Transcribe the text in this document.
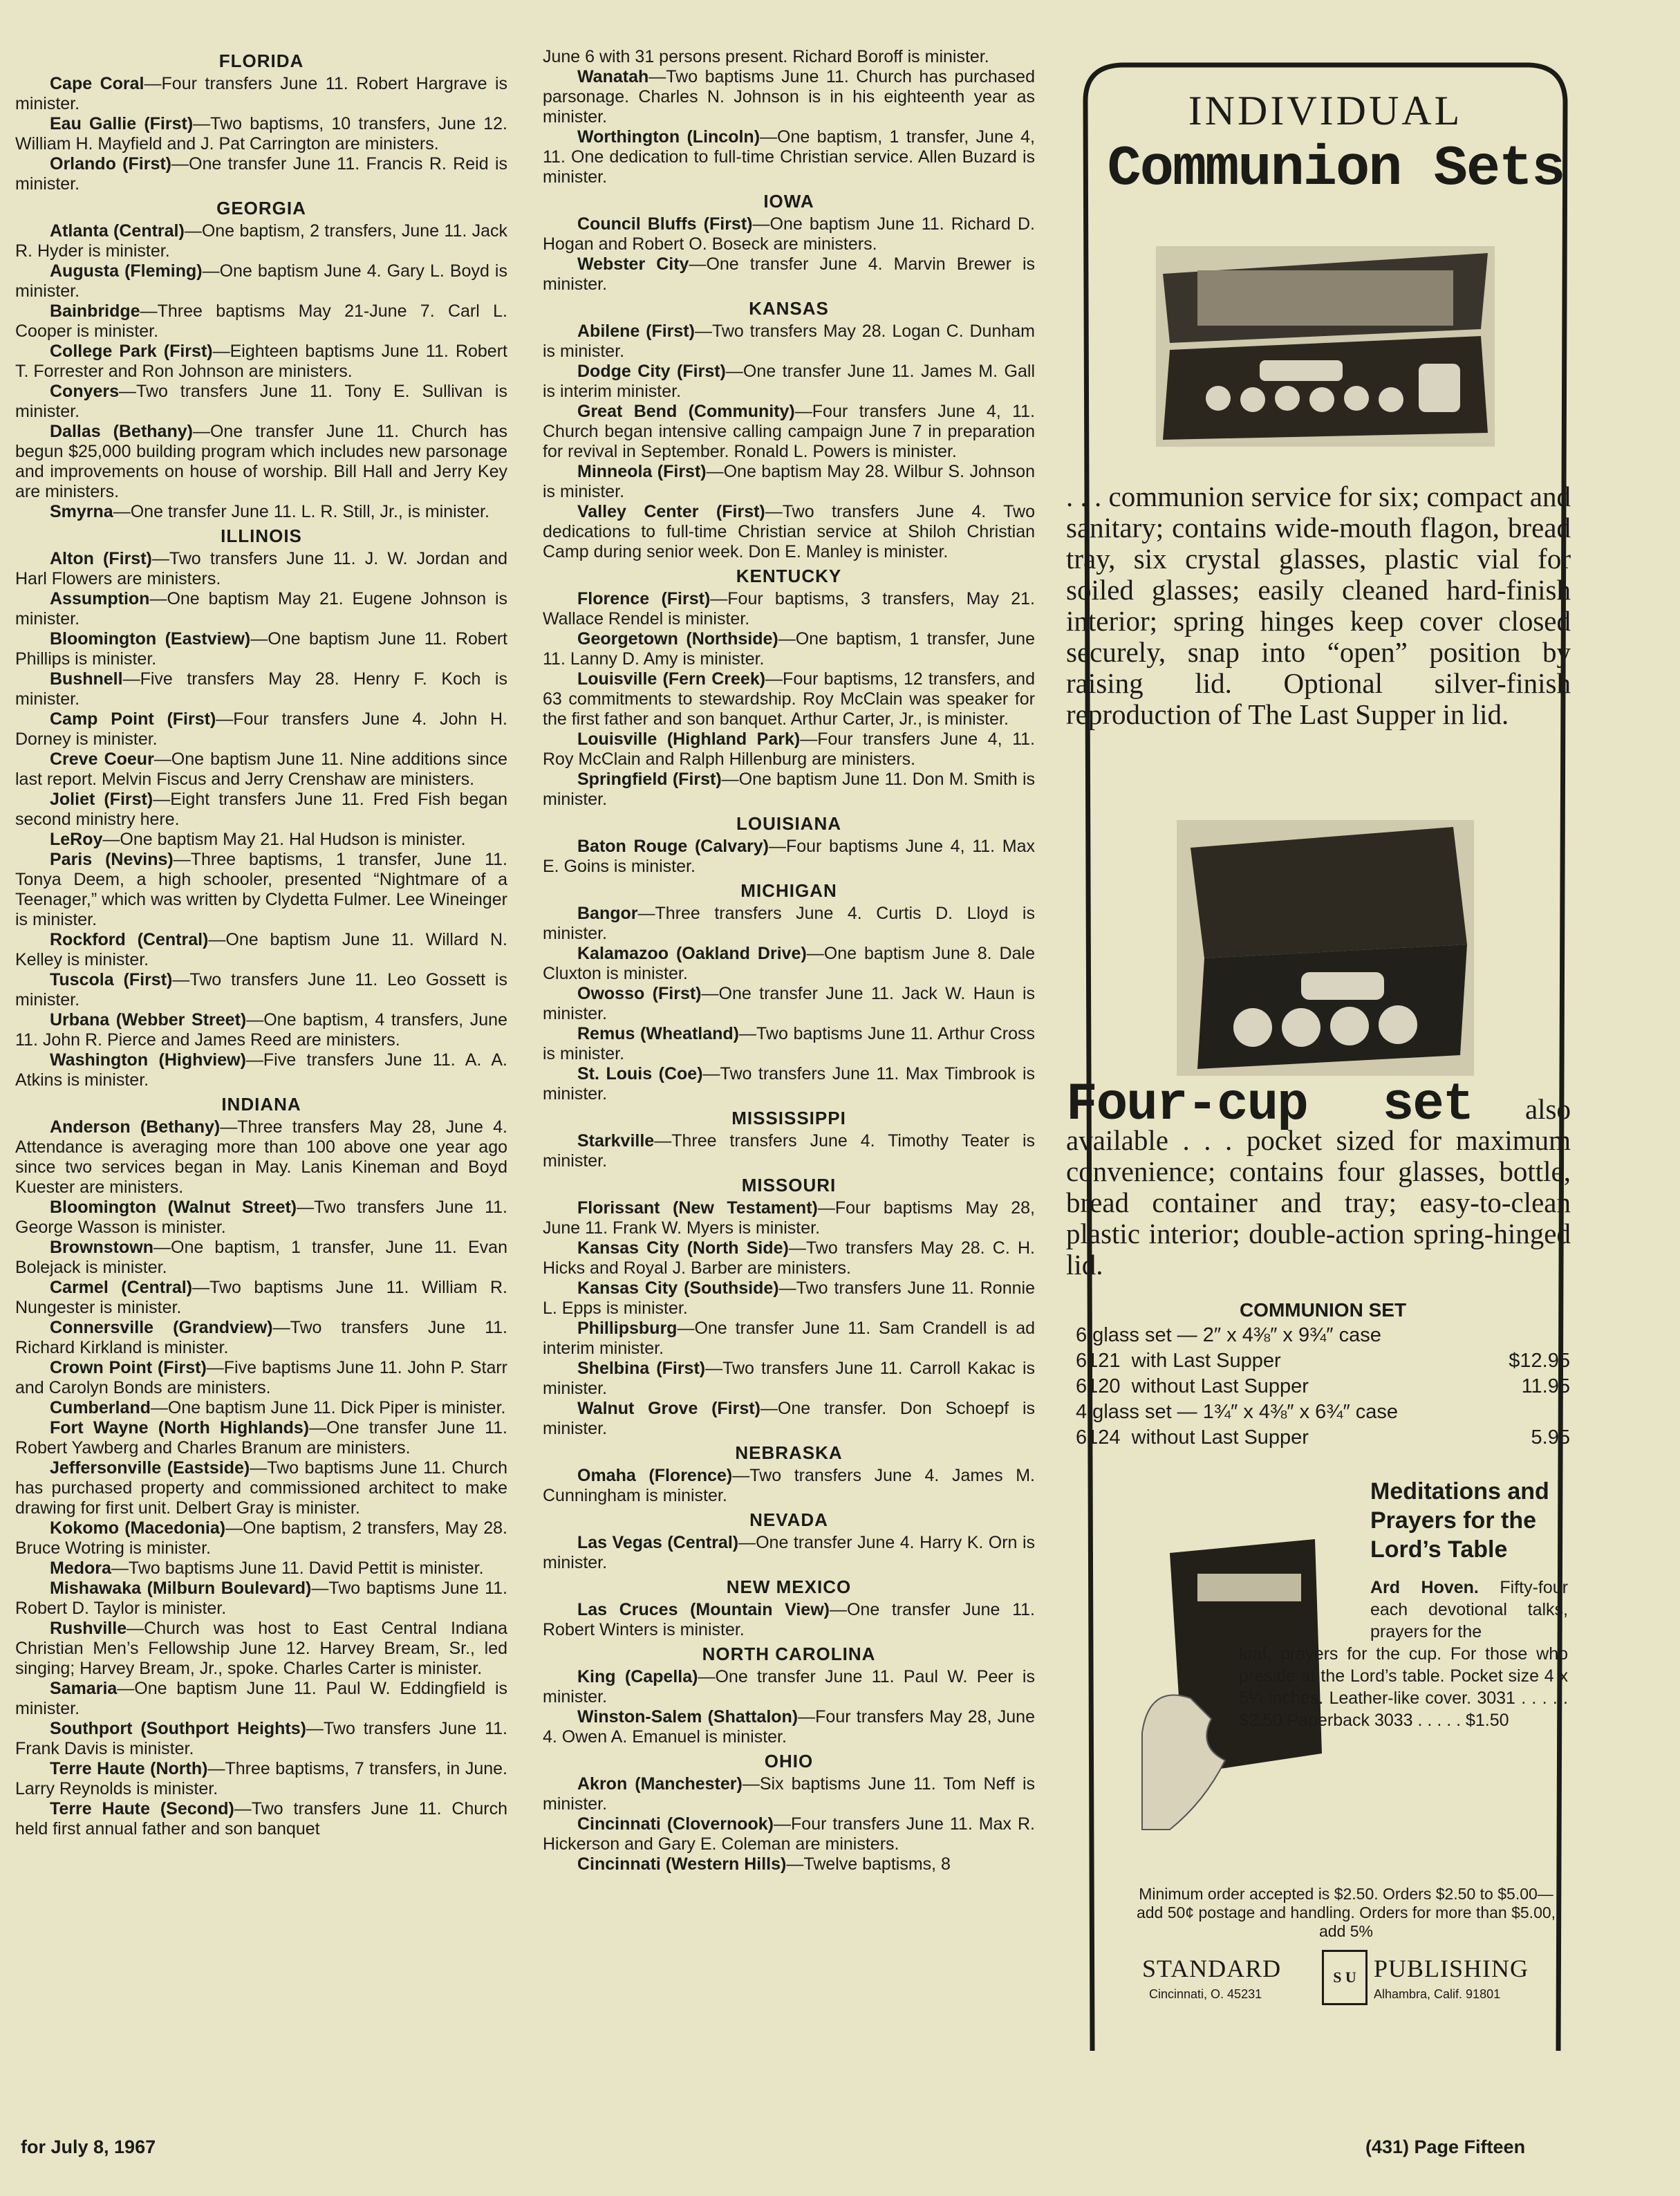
FLORIDA

Cape Coral—Four transfers June 11. Robert Hargrave is minister.

Eau Gallie (First)—Two baptisms, 10 transfers, June 12. William H. Mayfield and J. Pat Carrington are ministers.

Orlando (First)—One transfer June 11. Francis R. Reid is minister.

GEORGIA

Atlanta (Central)—One baptism, 2 transfers, June 11. Jack R. Hyder is minister.

Augusta (Fleming)—One baptism June 4. Gary L. Boyd is minister.

Bainbridge—Three baptisms May 21-June 7. Carl L. Cooper is minister.

College Park (First)—Eighteen baptisms June 11. Robert T. Forrester and Ron Johnson are ministers.

Conyers—Two transfers June 11. Tony E. Sullivan is minister.

Dallas (Bethany)—One transfer June 11. Church has begun $25,000 building program which includes new parsonage and improvements on house of worship. Bill Hall and Jerry Key are ministers.

Smyrna—One transfer June 11. L. R. Still, Jr., is minister.

ILLINOIS

Alton (First)—Two transfers June 11. J. W. Jordan and Harl Flowers are ministers.

Assumption—One baptism May 21. Eugene Johnson is minister.

Bloomington (Eastview)—One baptism June 11. Robert Phillips is minister.

Bushnell—Five transfers May 28. Henry F. Koch is minister.

Camp Point (First)—Four transfers June 4. John H. Dorney is minister.

Creve Coeur—One baptism June 11. Nine additions since last report. Melvin Fiscus and Jerry Crenshaw are ministers.

Joliet (First)—Eight transfers June 11. Fred Fish began second ministry here.

LeRoy—One baptism May 21. Hal Hudson is minister.

Paris (Nevins)—Three baptisms, 1 transfer, June 11. Tonya Deem, a high schooler, presented “Nightmare of a Teenager,” which was written by Clydetta Fulmer. Lee Wineinger is minister.

Rockford (Central)—One baptism June 11. Willard N. Kelley is minister.

Tuscola (First)—Two transfers June 11. Leo Gossett is minister.

Urbana (Webber Street)—One baptism, 4 transfers, June 11. John R. Pierce and James Reed are ministers.

Washington (Highview)—Five transfers June 11. A. A. Atkins is minister.

INDIANA

Anderson (Bethany)—Three transfers May 28, June 4. Attendance is averaging more than 100 above one year ago since two services began in May. Lanis Kineman and Boyd Kuester are ministers.

Bloomington (Walnut Street)—Two transfers June 11. George Wasson is minister.

Brownstown—One baptism, 1 transfer, June 11. Evan Bolejack is minister.

Carmel (Central)—Two baptisms June 11. William R. Nungester is minister.

Connersville (Grandview)—Two transfers June 11. Richard Kirkland is minister.

Crown Point (First)—Five baptisms June 11. John P. Starr and Carolyn Bonds are ministers.

Cumberland—One baptism June 11. Dick Piper is minister.

Fort Wayne (North Highlands)—One transfer June 11. Robert Yawberg and Charles Branum are ministers.

Jeffersonville (Eastside)—Two baptisms June 11. Church has purchased property and commissioned architect to make drawing for first unit. Delbert Gray is minister.

Kokomo (Macedonia)—One baptism, 2 transfers, May 28. Bruce Wotring is minister.

Medora—Two baptisms June 11. David Pettit is minister.

Mishawaka (Milburn Boulevard)—Two baptisms June 11. Robert D. Taylor is minister.

Rushville—Church was host to East Central Indiana Christian Men’s Fellowship June 12. Harvey Bream, Sr., led singing; Harvey Bream, Jr., spoke. Charles Carter is minister.

Samaria—One baptism June 11. Paul W. Eddingfield is minister.

Southport (Southport Heights)—Two transfers June 11. Frank Davis is minister.

Terre Haute (North)—Three baptisms, 7 transfers, in June. Larry Reynolds is minister.

Terre Haute (Second)—Two transfers June 11. Church held first annual father and son banquet

June 6 with 31 persons present. Richard Boroff is minister.

Wanatah—Two baptisms June 11. Church has purchased parsonage. Charles N. Johnson is in his eighteenth year as minister.

Worthington (Lincoln)—One baptism, 1 transfer, June 4, 11. One dedication to full-time Christian service. Allen Buzard is minister.

IOWA

Council Bluffs (First)—One baptism June 11. Richard D. Hogan and Robert O. Boseck are ministers.

Webster City—One transfer June 4. Marvin Brewer is minister.

KANSAS

Abilene (First)—Two transfers May 28. Logan C. Dunham is minister.

Dodge City (First)—One transfer June 11. James M. Gall is interim minister.

Great Bend (Community)—Four transfers June 4, 11. Church began intensive calling campaign June 7 in preparation for revival in September. Ronald L. Powers is minister.

Minneola (First)—One baptism May 28. Wilbur S. Johnson is minister.

Valley Center (First)—Two transfers June 4. Two dedications to full-time Christian service at Shiloh Christian Camp during senior week. Don E. Manley is minister.

KENTUCKY

Florence (First)—Four baptisms, 3 transfers, May 21. Wallace Rendel is minister.

Georgetown (Northside)—One baptism, 1 transfer, June 11. Lanny D. Amy is minister.

Louisville (Fern Creek)—Four baptisms, 12 transfers, and 63 commitments to stewardship. Roy McClain was speaker for the first father and son banquet. Arthur Carter, Jr., is minister.

Louisville (Highland Park)—Four transfers June 4, 11. Roy McClain and Ralph Hillenburg are ministers.

Springfield (First)—One baptism June 11. Don M. Smith is minister.

LOUISIANA

Baton Rouge (Calvary)—Four baptisms June 4, 11. Max E. Goins is minister.

MICHIGAN

Bangor—Three transfers June 4. Curtis D. Lloyd is minister.

Kalamazoo (Oakland Drive)—One baptism June 8. Dale Cluxton is minister.

Owosso (First)—One transfer June 11. Jack W. Haun is minister.

Remus (Wheatland)—Two baptisms June 11. Arthur Cross is minister.

St. Louis (Coe)—Two transfers June 11. Max Timbrook is minister.

MISSISSIPPI

Starkville—Three transfers June 4. Timothy Teater is minister.

MISSOURI

Florissant (New Testament)—Four baptisms May 28, June 11. Frank W. Myers is minister.

Kansas City (North Side)—Two transfers May 28. C. H. Hicks and Royal J. Barber are ministers.

Kansas City (Southside)—Two transfers June 11. Ronnie L. Epps is minister.

Phillipsburg—One transfer June 11. Sam Crandell is ad interim minister.

Shelbina (First)—Two transfers June 11. Carroll Kakac is minister.

Walnut Grove (First)—One transfer. Don Schoepf is minister.

NEBRASKA

Omaha (Florence)—Two transfers June 4. James M. Cunningham is minister.

NEVADA

Las Vegas (Central)—One transfer June 4. Harry K. Orn is minister.

NEW MEXICO

Las Cruces (Mountain View)—One transfer June 11. Robert Winters is minister.

NORTH CAROLINA

King (Capella)—One transfer June 11. Paul W. Peer is minister.

Winston-Salem (Shattalon)—Four transfers May 28, June 4. Owen A. Emanuel is minister.

OHIO

Akron (Manchester)—Six baptisms June 11. Tom Neff is minister.

Cincinnati (Clovernook)—Four transfers June 11. Max R. Hickerson and Gary E. Coleman are ministers.

Cincinnati (Western Hills)—Twelve baptisms, 8

INDIVIDUAL
Communion Sets
. . . communion service for six; compact and sanitary; contains wide-mouth flagon, bread tray, six crystal glasses, plastic vial for soiled glasses; easily cleaned hard-finish interior; spring hinges keep cover closed securely, snap into “open” position by raising lid. Optional silver-finish reproduction of The Last Supper in lid.
Four-cup set also available . . . pocket sized for maximum convenience; contains four glasses, bottle, bread container and tray; easy-to-clean plastic interior; double-action spring-hinged lid.
COMMUNION SET
6 glass set — 2″ x 4⅜″ x 9¾″ case
6121  with Last Supper	$12.95
6120  without Last Supper	11.95
4 glass set — 1¾″ x 4⅜″ x 6¾″ case
6124  without Last Supper	5.95
Meditations and Prayers for the Lord’s Table
Ard Hoven. Fifty-four each devotional talks, prayers for the
loaf, prayers for the cup. For those who preside at the Lord’s table. Pocket size 4 x 5¼ inches. Leather-like cover. 3031 . . . . . $2.50 Paperback 3033 . . . . . $1.50
Minimum order accepted is $2.50. Orders $2.50 to $5.00—add 50¢ postage and handling. Orders for more than $5.00, add 5%
STANDARD	S U PUBLISHING
Cincinnati, O. 45231	Alhambra, Calif. 91801
for July 8, 1967	(431) Page Fifteen
